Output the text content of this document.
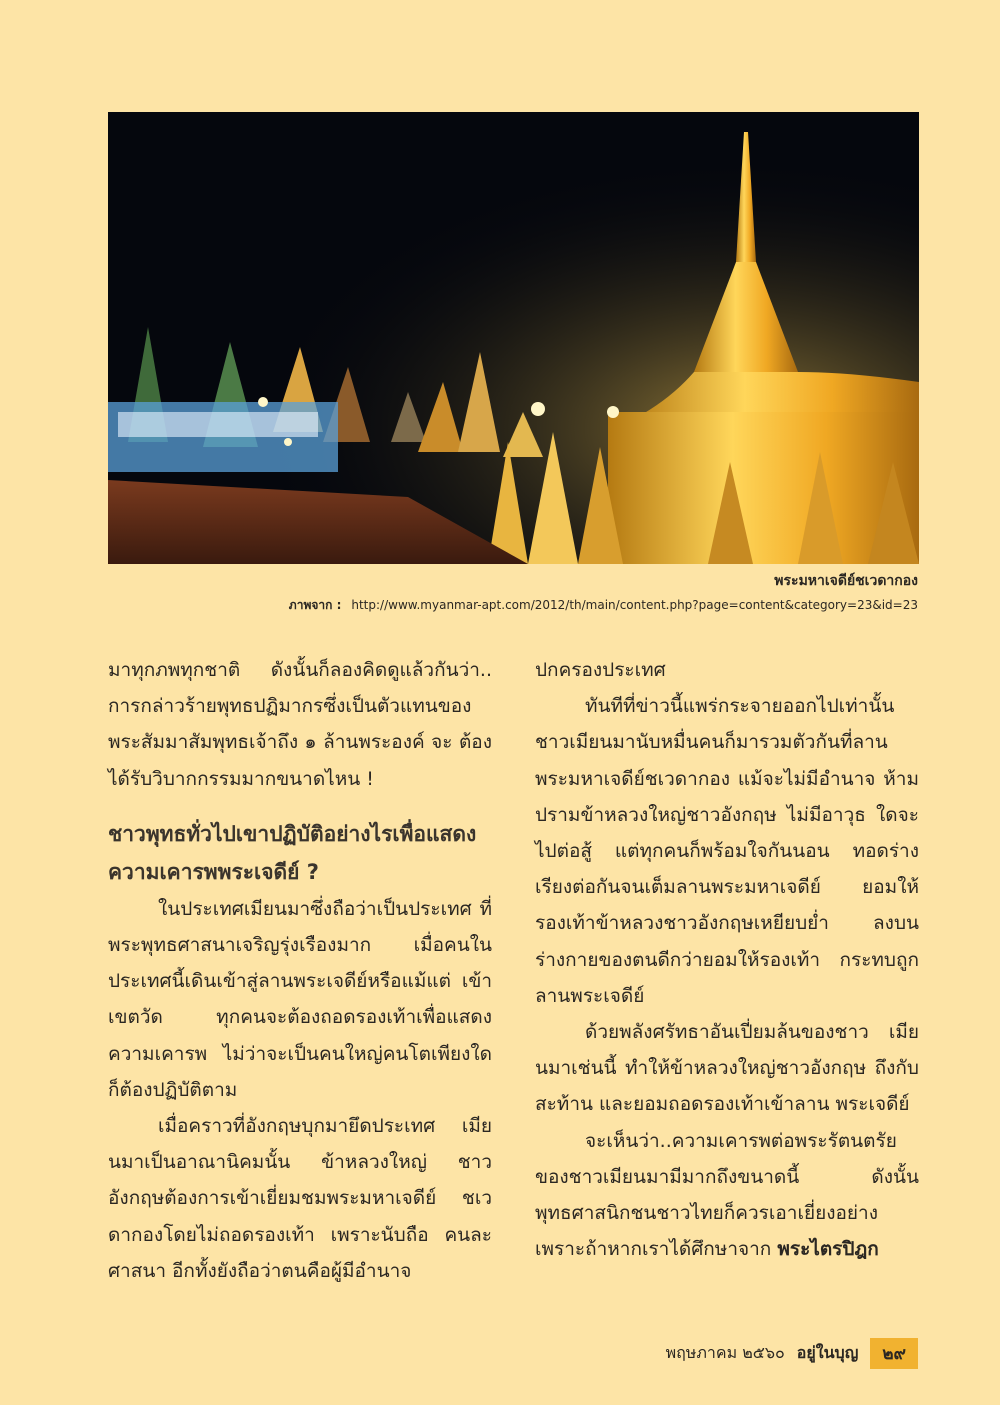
พระมหาเจดีย์ชเวดากอง
ภาพจาก : http://www.myanmar-apt.com/2012/th/main/content.php?page=content&category=23&id=23

มาทุกภพทุกชาติ ดังนั้นก็ลองคิดดูแล้วกันว่า.. การกล่าวร้ายพุทธปฏิมากรซึ่งเป็นตัวแทนของ พระสัมมาสัมพุทธเจ้าถึง ๑ ล้านพระองค์ จะ ต้องได้รับวิบากกรรมมากขนาดไหน !

ชาวพุทธทั่วไปเขาปฏิบัติอย่างไรเพื่อแสดง ความเคารพพระเจดีย์ ?

ในประเทศเมียนมาซึ่งถือว่าเป็นประเทศ ที่พระพุทธศาสนาเจริญรุ่งเรืองมาก เมื่อคนใน ประเทศนี้เดินเข้าสู่ลานพระเจดีย์หรือแม้แต่ เข้าเขตวัด ทุกคนจะต้องถอดรองเท้าเพื่อแสดง ความเคารพ ไม่ว่าจะเป็นคนใหญ่คนโตเพียงใด ก็ต้องปฏิบัติตาม

เมื่อคราวที่อังกฤษบุกมายึดประเทศ เมียนมาเป็นอาณานิคมนั้น ข้าหลวงใหญ่ ชาวอังกฤษต้องการเข้าเยี่ยมชมพระมหาเจดีย์ ชเวดากองโดยไม่ถอดรองเท้า เพราะนับถือ คนละศาสนา อีกทั้งยังถือว่าตนคือผู้มีอำนาจ

ปกครองประเทศ

ทันทีที่ข่าวนี้แพร่กระจายออกไปเท่านั้น ชาวเมียนมานับหมื่นคนก็มารวมตัวกันที่ลาน พระมหาเจดีย์ชเวดากอง แม้จะไม่มีอำนาจ ห้ามปรามข้าหลวงใหญ่ชาวอังกฤษ ไม่มีอาวุธ ใดจะไปต่อสู้ แต่ทุกคนก็พร้อมใจกันนอน ทอดร่างเรียงต่อกันจนเต็มลานพระมหาเจดีย์ ยอมให้รองเท้าข้าหลวงชาวอังกฤษเหยียบย่ำ ลงบนร่างกายของตนดีกว่ายอมให้รองเท้า กระทบถูกลานพระเจดีย์

ด้วยพลังศรัทธาอันเปี่ยมล้นของชาว เมียนมาเช่นนี้ ทำให้ข้าหลวงใหญ่ชาวอังกฤษ ถึงกับสะท้าน และยอมถอดรองเท้าเข้าลาน พระเจดีย์

จะเห็นว่า..ความเคารพต่อพระรัตนตรัย ของชาวเมียนมามีมากถึงขนาดนี้ ดังนั้น พุทธศาสนิกชนชาวไทยก็ควรเอาเยี่ยงอย่าง เพราะถ้าหากเราได้ศึกษาจาก พระไตรปิฎก

พฤษภาคม ๒๕๖๐ อยู่ในบุญ	๒๙
